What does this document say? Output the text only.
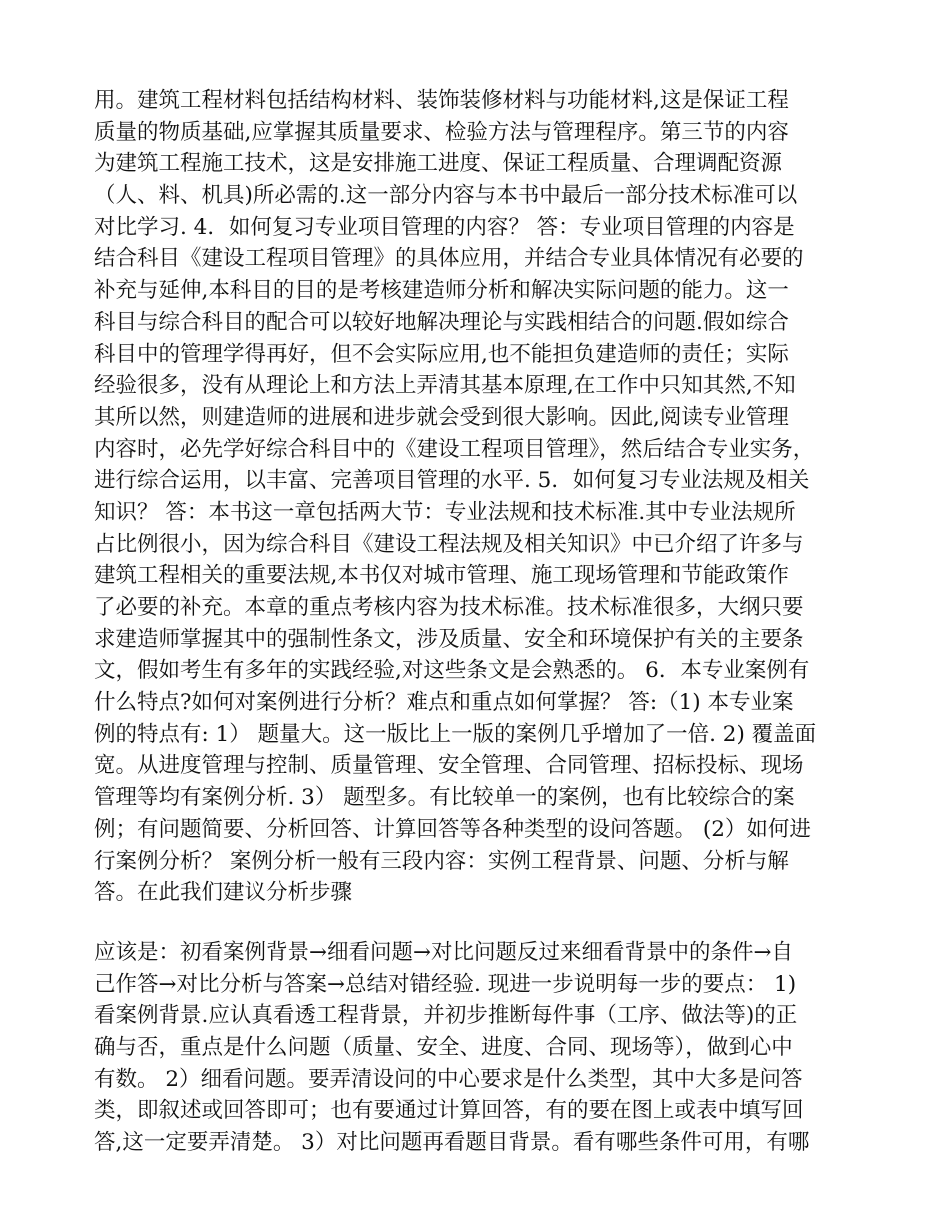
用。建筑工程材料包括结构材料、装饰装修材料与功能材料,这是保证工程
质量的物质基础,应掌握其质量要求、检验方法与管理程序。第三节的内容
为建筑工程施工技术，这是安排施工进度、保证工程质量、合理调配资源
（人、料、机具)所必需的.这一部分内容与本书中最后一部分技术标准可以
对比学习. 4．如何复习专业项目管理的内容？ 答：专业项目管理的内容是
结合科目《建设工程项目管理》的具体应用，并结合专业具体情况有必要的
补充与延伸,本科目的目的是考核建造师分析和解决实际问题的能力。这一
科目与综合科目的配合可以较好地解决理论与实践相结合的问题.假如综合
科目中的管理学得再好，但不会实际应用,也不能担负建造师的责任；实际
经验很多，没有从理论上和方法上弄清其基本原理,在工作中只知其然,不知
其所以然，则建造师的进展和进步就会受到很大影响。因此,阅读专业管理
内容时，必先学好综合科目中的《建设工程项目管理》，然后结合专业实务，
进行综合运用，以丰富、完善项目管理的水平. 5．如何复习专业法规及相关
知识？ 答：本书这一章包括两大节：专业法规和技术标准.其中专业法规所
占比例很小，因为综合科目《建设工程法规及相关知识》中已介绍了许多与
建筑工程相关的重要法规,本书仅对城市管理、施工现场管理和节能政策作
了必要的补充。本章的重点考核内容为技术标准。技术标准很多，大纲只要
求建造师掌握其中的强制性条文，涉及质量、安全和环境保护有关的主要条
文，假如考生有多年的实践经验,对这些条文是会熟悉的。 6．本专业案例有
什么特点?如何对案例进行分析？难点和重点如何掌握？ 答:（1) 本专业案
例的特点有: 1） 题量大。这一版比上一版的案例几乎增加了一倍. 2) 覆盖面
宽。从进度管理与控制、质量管理、安全管理、合同管理、招标投标、现场
管理等均有案例分析. 3） 题型多。有比较单一的案例，也有比较综合的案
例；有问题简要、分析回答、计算回答等各种类型的设问答题。 (2）如何进
行案例分析？ 案例分析一般有三段内容：实例工程背景、问题、分析与解
答。在此我们建议分析步骤
应该是：初看案例背景→细看问题→对比问题反过来细看背景中的条件→自
己作答→对比分析与答案→总结对错经验. 现进一步说明每一步的要点： 1)
看案例背景.应认真看透工程背景，并初步推断每件事（工序、做法等)的正
确与否，重点是什么问题（质量、安全、进度、合同、现场等），做到心中
有数。 2）细看问题。要弄清设问的中心要求是什么类型，其中大多是问答
类，即叙述或回答即可；也有要通过计算回答，有的要在图上或表中填写回
答,这一定要弄清楚。 3）对比问题再看题目背景。看有哪些条件可用，有哪
